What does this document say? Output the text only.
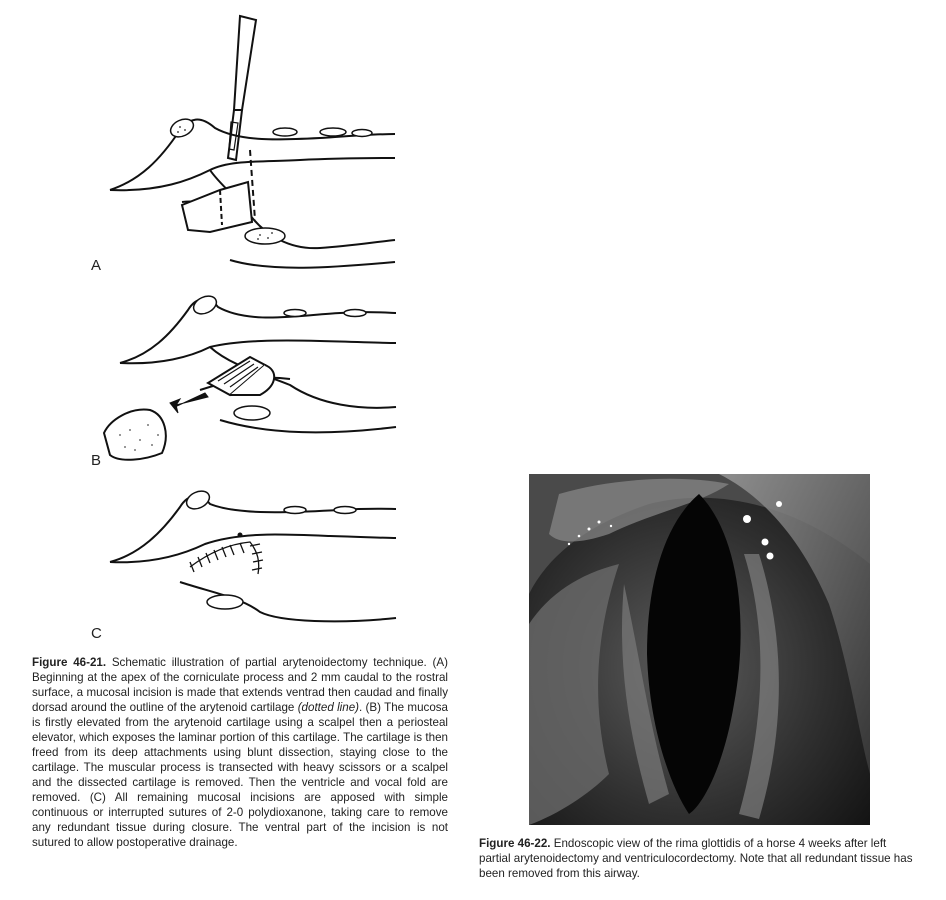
A
B
C
Figure 46-21. Schematic illustration of partial arytenoidectomy technique. (A) Beginning at the apex of the corniculate process and 2 mm caudal to the rostral surface, a mucosal incision is made that extends ventrad then caudad and finally dorsad around the outline of the arytenoid cartilage (dotted line). (B) The mucosa is firstly elevated from the arytenoid cartilage using a scalpel then a periosteal elevator, which exposes the laminar portion of this cartilage. The cartilage is then freed from its deep attachments using blunt dissection, staying close to the cartilage. The muscular process is transected with heavy scissors or a scalpel and the dissected cartilage is removed. Then the ventricle and vocal fold are removed. (C) All remaining mucosal incisions are apposed with simple continuous or interrupted sutures of 2-0 polydioxanone, taking care to remove any redundant tissue during closure. The ventral part of the incision is not sutured to allow postoperative drainage.	Figure 46-22. Endoscopic view of the rima glottidis of a horse 4 weeks after left partial arytenoidectomy and ventriculocordectomy. Note that all redundant tissue has been removed from this airway.
